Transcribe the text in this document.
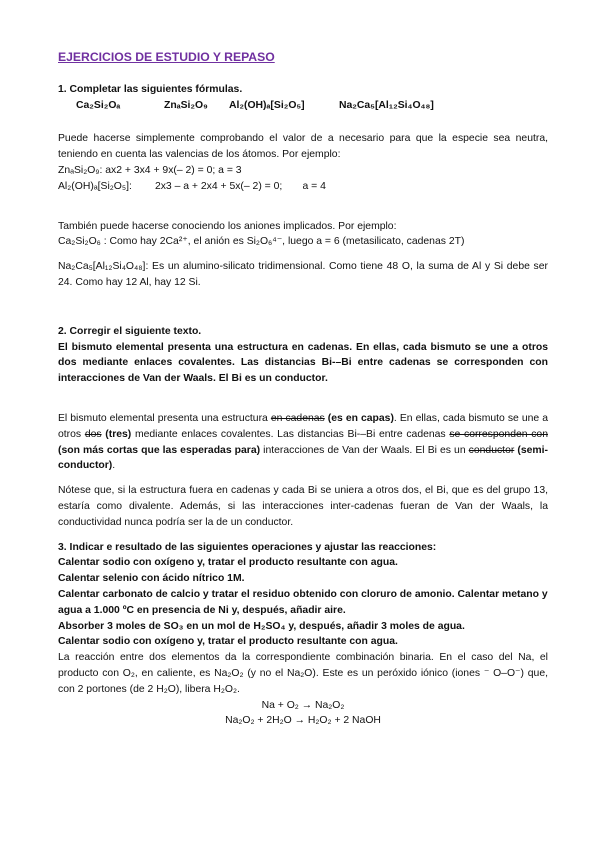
EJERCICIOS DE ESTUDIO Y REPASO
1. Completar las siguientes fórmulas.
Ca₂Si₂Oₐ	ZnₐSi₂O₉ Al₂(OH)ₐ[Si₂O₅]	Na₂Ca₅[Al₁₂Si₄O₄₈]
Puede hacerse simplemente comprobando el valor de a necesario para que la especie sea neutra, teniendo en cuenta las valencias de los átomos. Por ejemplo:
ZnₐSi₂O₉: ax2 + 3x4 + 9x(– 2) = 0; a = 3
Al₂(OH)ₐ[Si₂O₅]:        2x3 – a + 2x4 + 5x(– 2) = 0;       a = 4
También puede hacerse conociendo los aniones implicados. Por ejemplo:
Ca₂Si₂O₆ : Como hay 2Ca²⁺, el anión es Si₂O₆⁴⁻, luego a = 6 (metasilicato, cadenas 2T)
Na₂Ca₅[Al₁₂Si₄O₄₈]: Es un alumino-silicato tridimensional. Como tiene 48 O, la suma de Al y Si debe ser 24. Como hay 12 Al, hay 12 Si.
2. Corregir el siguiente texto.
El bismuto elemental presenta una estructura en cadenas. En ellas, cada bismuto se une a otros dos mediante enlaces covalentes. Las distancias Bi-–Bi entre cadenas se corresponden con interacciones de Van der Waals. El Bi es un conductor.
El bismuto elemental presenta una estructura en cadenas (es en capas). En ellas, cada bismuto se une a otros dos (tres) mediante enlaces covalentes. Las distancias Bi-–Bi entre cadenas se corresponden con (son más cortas que las esperadas para) interacciones de Van der Waals. El Bi es un conductor (semi-conductor).
Nótese que, si la estructura fuera en cadenas y cada Bi se uniera a otros dos, el Bi, que es del grupo 13, estaría como divalente. Además, si las interacciones inter-cadenas fueran de Van der Waals, la conductividad nunca podría ser la de un conductor.
3. Indicar e resultado de las siguientes operaciones y ajustar las reacciones:
Calentar sodio con oxígeno y, tratar el producto resultante con agua.
Calentar selenio con ácido nítrico 1M.
Calentar carbonato de calcio y tratar el residuo obtenido con cloruro de amonio. Calentar metano y agua a 1.000 ºC en presencia de Ni y, después, añadir aire.
Absorber 3 moles de SO₃ en un mol de H₂SO₄ y, después, añadir 3 moles de agua.
Calentar sodio con oxígeno y, tratar el producto resultante con agua.
La reacción entre dos elementos da la correspondiente combinación binaria. En el caso del Na, el producto con O₂, en caliente, es Na₂O₂ (y no el Na₂O). Este es un peróxido iónico (iones ⁻ O–O⁻) que, con 2 portones (de 2 H₂O), libera H₂O₂.
Na + O₂ → Na₂O₂
Na₂O₂ + 2H₂O → H₂O₂ + 2 NaOH
